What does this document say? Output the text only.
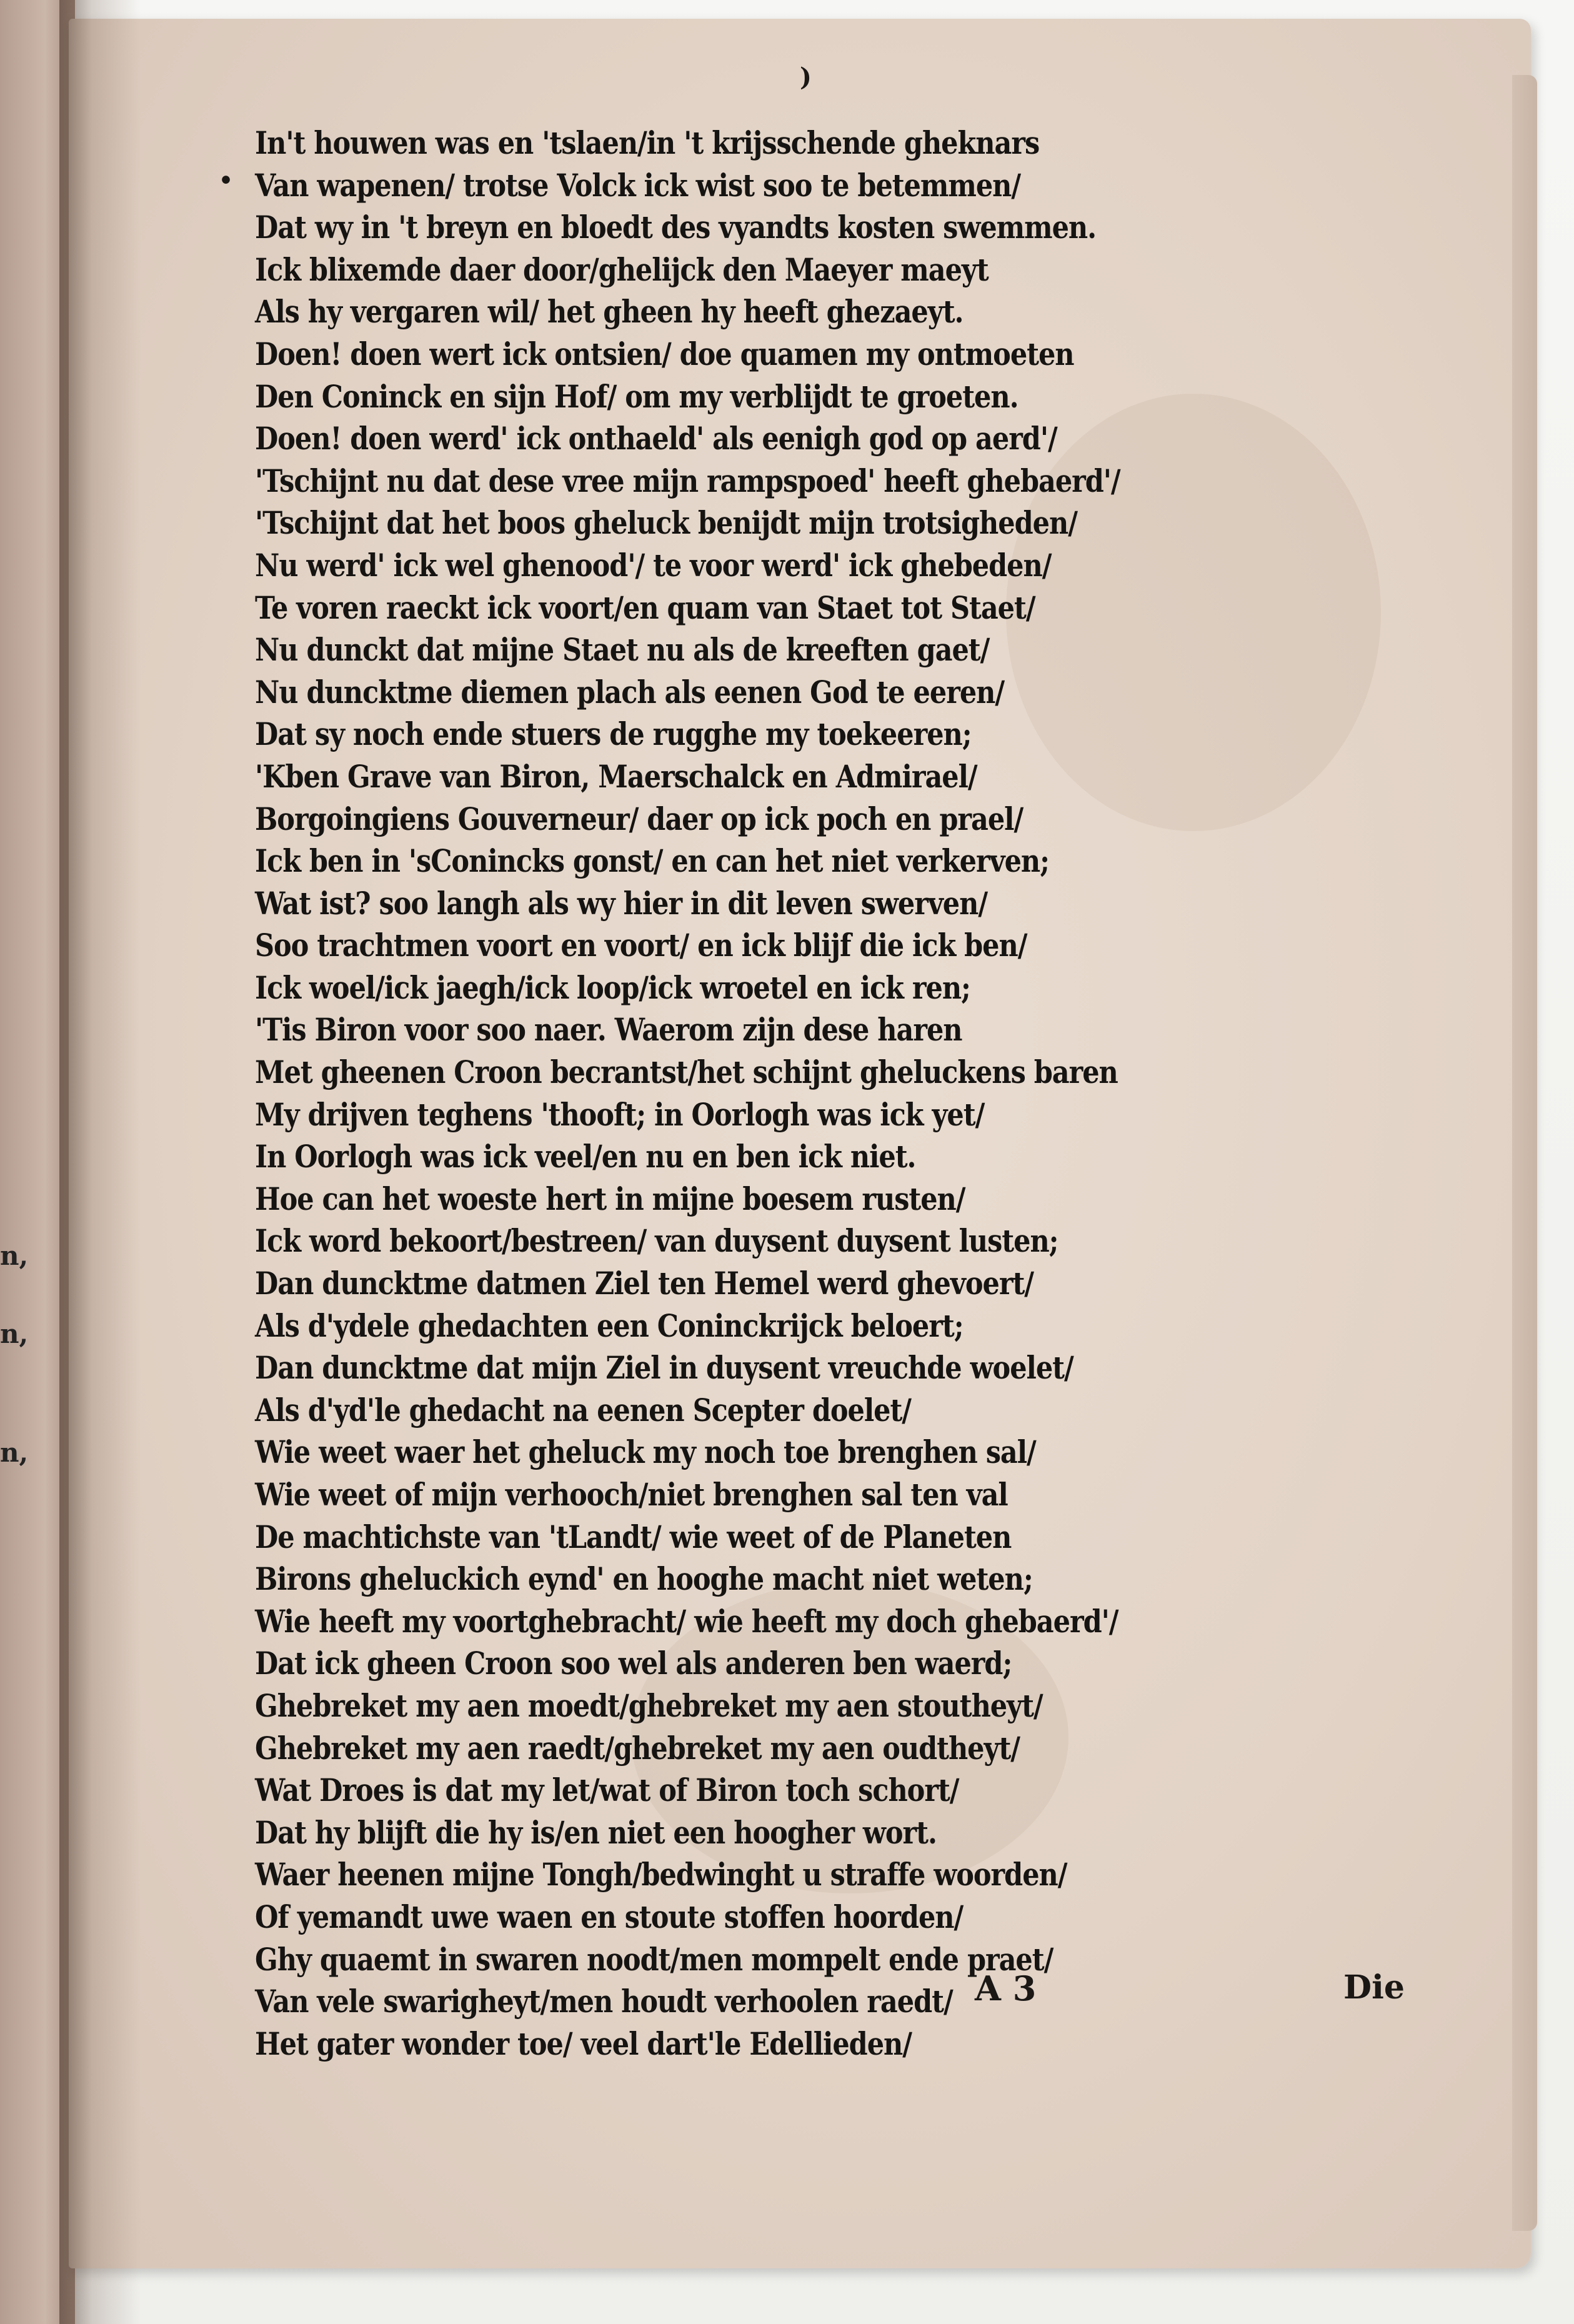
n,
n,
n,
)
•
In't houwen was en 'tslaen/in 't krijsschende gheknars
Van wapenen/ trotse Volck ick wist soo te betemmen/
Dat wy in 't breyn en bloedt des vyandts kosten swemmen.
Ick blixemde daer door/ghelijck den Maeyer maeyt
Als hy vergaren wil/ het gheen hy heeft ghezaeyt.
Doen! doen wert ick ontsien/ doe quamen my ontmoeten
Den Coninck en sijn Hof/ om my verblijdt te groeten.
Doen! doen werd' ick onthaeld' als eenigh god op aerd'/
'Tschijnt nu dat dese vree mijn rampspoed' heeft ghebaerd'/
'Tschijnt dat het boos gheluck benijdt mijn trotsigheden/
Nu werd' ick wel ghenood'/ te voor werd' ick ghebeden/
Te voren raeckt ick voort/en quam van Staet tot Staet/
Nu dunckt dat mijne Staet nu als de kreeften gaet/
Nu duncktme diemen plach als eenen God te eeren/
Dat sy noch ende stuers de rugghe my toekeeren;
'Kben Grave van Biron, Maerschalck en Admirael/
Borgoingiens Gouverneur/ daer op ick poch en prael/
Ick ben in 'sConincks gonst/ en can het niet verkerven;
Wat ist? soo langh als wy hier in dit leven swerven/
Soo trachtmen voort en voort/ en ick blijf die ick ben/
Ick woel/ick jaegh/ick loop/ick wroetel en ick ren;
'Tis Biron voor soo naer. Waerom zijn dese haren
Met gheenen Croon becrantst/het schijnt gheluckens baren
My drijven teghens 'thooft; in Oorlogh was ick yet/
In Oorlogh was ick veel/en nu en ben ick niet.
Hoe can het woeste hert in mijne boesem rusten/
Ick word bekoort/bestreen/ van duysent duysent lusten;
Dan duncktme datmen Ziel ten Hemel werd ghevoert/
Als d'ydele ghedachten een Coninckrijck beloert;
Dan duncktme dat mijn Ziel in duysent vreuchde woelet/
Als d'yd'le ghedacht na eenen Scepter doelet/
Wie weet waer het gheluck my noch toe brenghen sal/
Wie weet of mijn verhooch/niet brenghen sal ten val
De machtichste van 'tLandt/ wie weet of de Planeten
Birons gheluckich eynd' en hooghe macht niet weten;
Wie heeft my voortghebracht/ wie heeft my doch ghebaerd'/
Dat ick gheen Croon soo wel als anderen ben waerd;
Ghebreket my aen moedt/ghebreket my aen stoutheyt/
Ghebreket my aen raedt/ghebreket my aen oudtheyt/
Wat Droes is dat my let/wat of Biron toch schort/
Dat hy blijft die hy is/en niet een hoogher wort.
Waer heenen mijne Tongh/bedwinght u straffe woorden/
Of yemandt uwe waen en stoute stoffen hoorden/
Ghy quaemt in swaren noodt/men mompelt ende praet/
Van vele swarigheyt/men houdt verhoolen raedt/
Het gater wonder toe/ veel dart'le Edellieden/
A 3	Die
